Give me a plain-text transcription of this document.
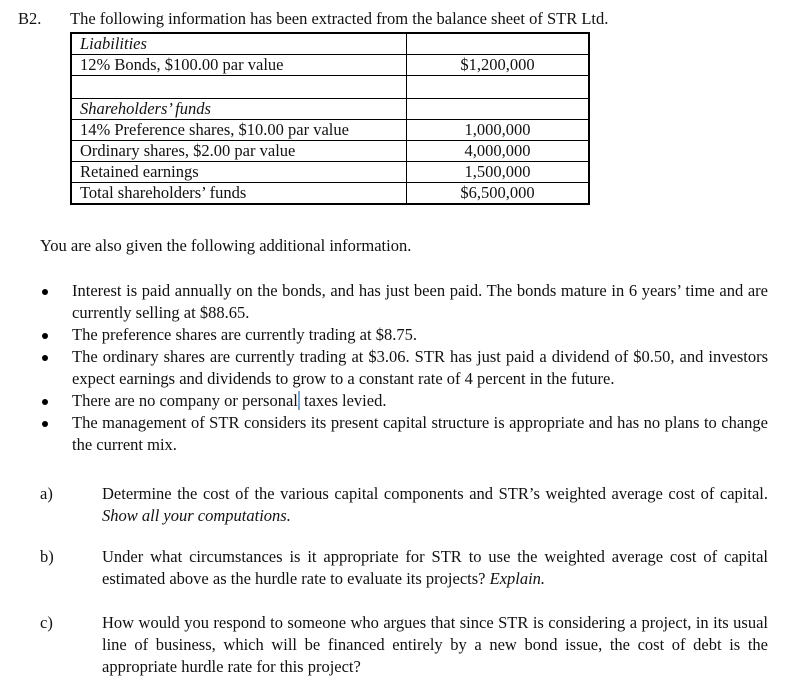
B2. The following information has been extracted from the balance sheet of STR Ltd.
Liabilities	
12% Bonds, $100.00 par value	$1,200,000

Shareholders’ funds	
14% Preference shares, $10.00 par value	1,000,000
Ordinary shares, $2.00 par value	4,000,000
Retained earnings	1,500,000
Total shareholders’ funds	$6,500,000
You are also given the following additional information.
Interest is paid annually on the bonds, and has just been paid. The bonds mature in 6 years’ time and are currently selling at $88.65.
The preference shares are currently trading at $8.75.
The ordinary shares are currently trading at $3.06. STR has just paid a dividend of $0.50, and investors expect earnings and dividends to grow to a constant rate of 4 percent in the future.
There are no company or personal taxes levied.
The management of STR considers its present capital structure is appropriate and has no plans to change the current mix.
a)	Determine the cost of the various capital components and STR’s weighted average cost of capital. Show all your computations.
b)	Under what circumstances is it appropriate for STR to use the weighted average cost of capital estimated above as the hurdle rate to evaluate its projects? Explain.
c)	How would you respond to someone who argues that since STR is considering a project, in its usual line of business, which will be financed entirely by a new bond issue, the cost of debt is the appropriate hurdle rate for this project?
